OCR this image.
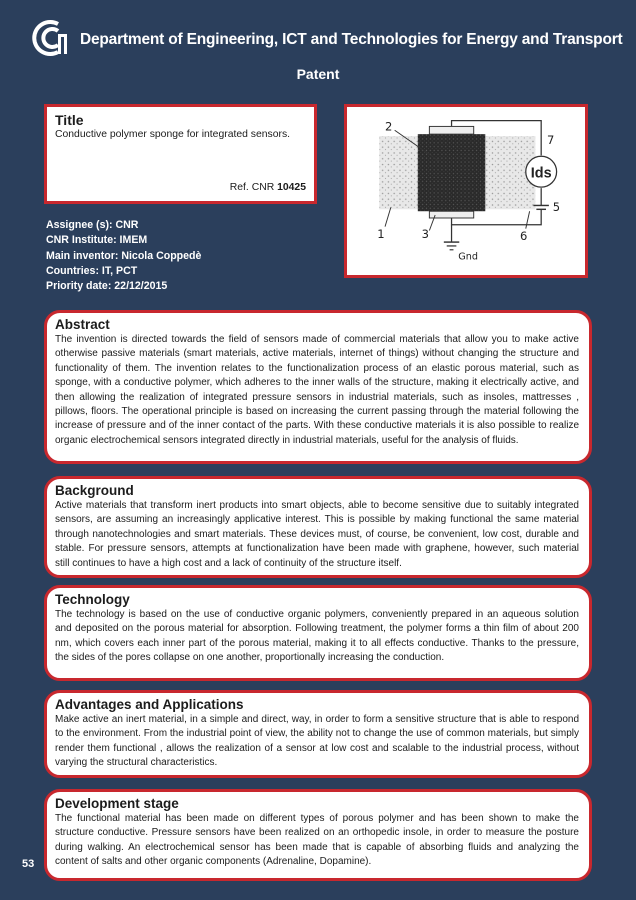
Department of Engineering, ICT and Technologies for Energy and Transport
Patent
Title
Conductive polymer sponge for integrated sensors.
Ref. CNR 10425
Ids
2
1	3	6
7
5
Gnd
Assignee (s): CNR
CNR Institute: IMEM
Main inventor: Nicola Coppedè
Countries: IT, PCT
Priority date: 22/12/2015
Abstract
The invention is directed towards the field of sensors made of commercial materials that allow you to make active otherwise passive materials (smart materials, active materials, internet of things) without changing the structure and functionality of them. The invention relates to the functionalization process of an elastic porous material, such as sponge, with a conductive polymer, which adheres to the inner walls of the structure, making it electrically active, and then allowing the realization of integrated pressure sensors in industrial materials, such as insoles, mattresses , pillows, floors. The operational principle is based on increasing the current passing through the material following the increase of pressure and of the inner contact of the parts. With these conductive materials it is also possible to realize organic electrochemical sensors integrated directly in industrial materials, useful for the analysis of fluids.
Background
Active materials that transform inert products into smart objects, able to become sensitive due to suitably integrated sensors, are assuming an increasingly applicative interest. This is possible by making functional the same material through nanotechnologies and smart materials. These devices must, of course, be convenient, low cost, durable and stable. For pressure sensors, attempts at functionalization have been made with graphene, however, such material still continues to have a high cost and a lack of continuity of the structure itself.
Technology
The technology is based on the use of conductive organic polymers, conveniently prepared in an aqueous solution and deposited on the porous material for absorption. Following treatment, the polymer forms a thin film of about 200 nm, which covers each inner part of the porous material, making it to all effects conductive. Thanks to the pressure, the sides of the pores collapse on one another, proportionally increasing the conduction.
Advantages and Applications
Make active an inert material, in a simple and direct, way, in order to form a sensitive structure that is able to respond to the environment. From the industrial point of view, the ability not to change the use of common materials, but simply render them functional , allows the realization of a sensor at low cost and scalable to the industrial process, without varying the structural characteristics.
Development stage
The functional material has been made on different types of porous polymer and has been shown to make the structure conductive. Pressure sensors have been realized on an orthopedic insole, in order to measure the posture during walking. An electrochemical sensor has been made that is capable of absorbing fluids and analyzing the content of salts and other organic components (Adrenaline, Dopamine).
53
